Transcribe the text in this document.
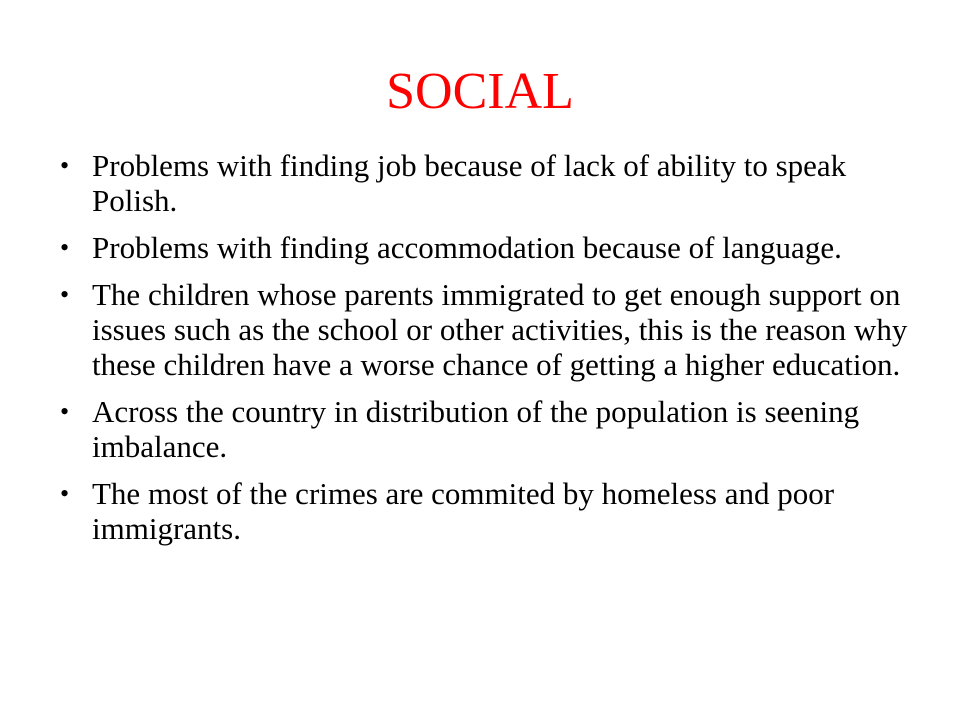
SOCIAL
• Problems with finding job because of lack of ability to speak Polish.
• Problems with finding accommodation because of language.
• The children whose parents immigrated to get enough support on issues such as the school or other activities, this is the reason why these children have a worse chance of getting a higher education.
• Across the country in distribution of the population is seening imbalance.
• The most of the crimes are commited by homeless and poor immigrants.
